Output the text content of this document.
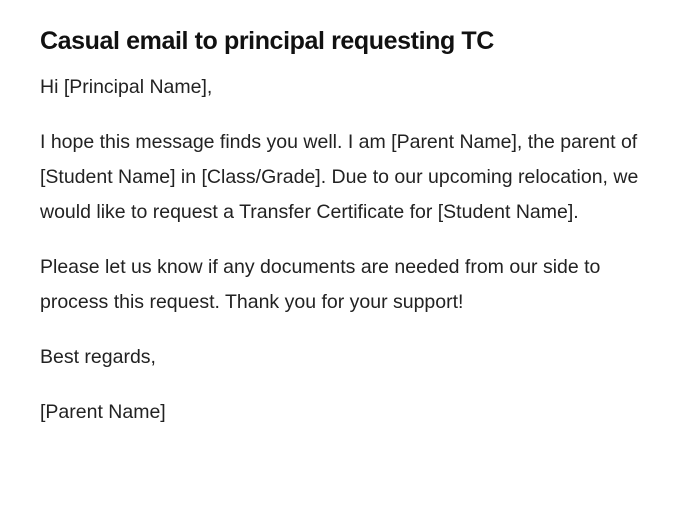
Casual email to principal requesting TC

Hi [Principal Name],

I hope this message finds you well. I am [Parent Name], the parent of [Student Name] in [Class/Grade]. Due to our upcoming relocation, we would like to request a Transfer Certificate for [Student Name].

Please let us know if any documents are needed from our side to process this request. Thank you for your support!

Best regards,

[Parent Name]
